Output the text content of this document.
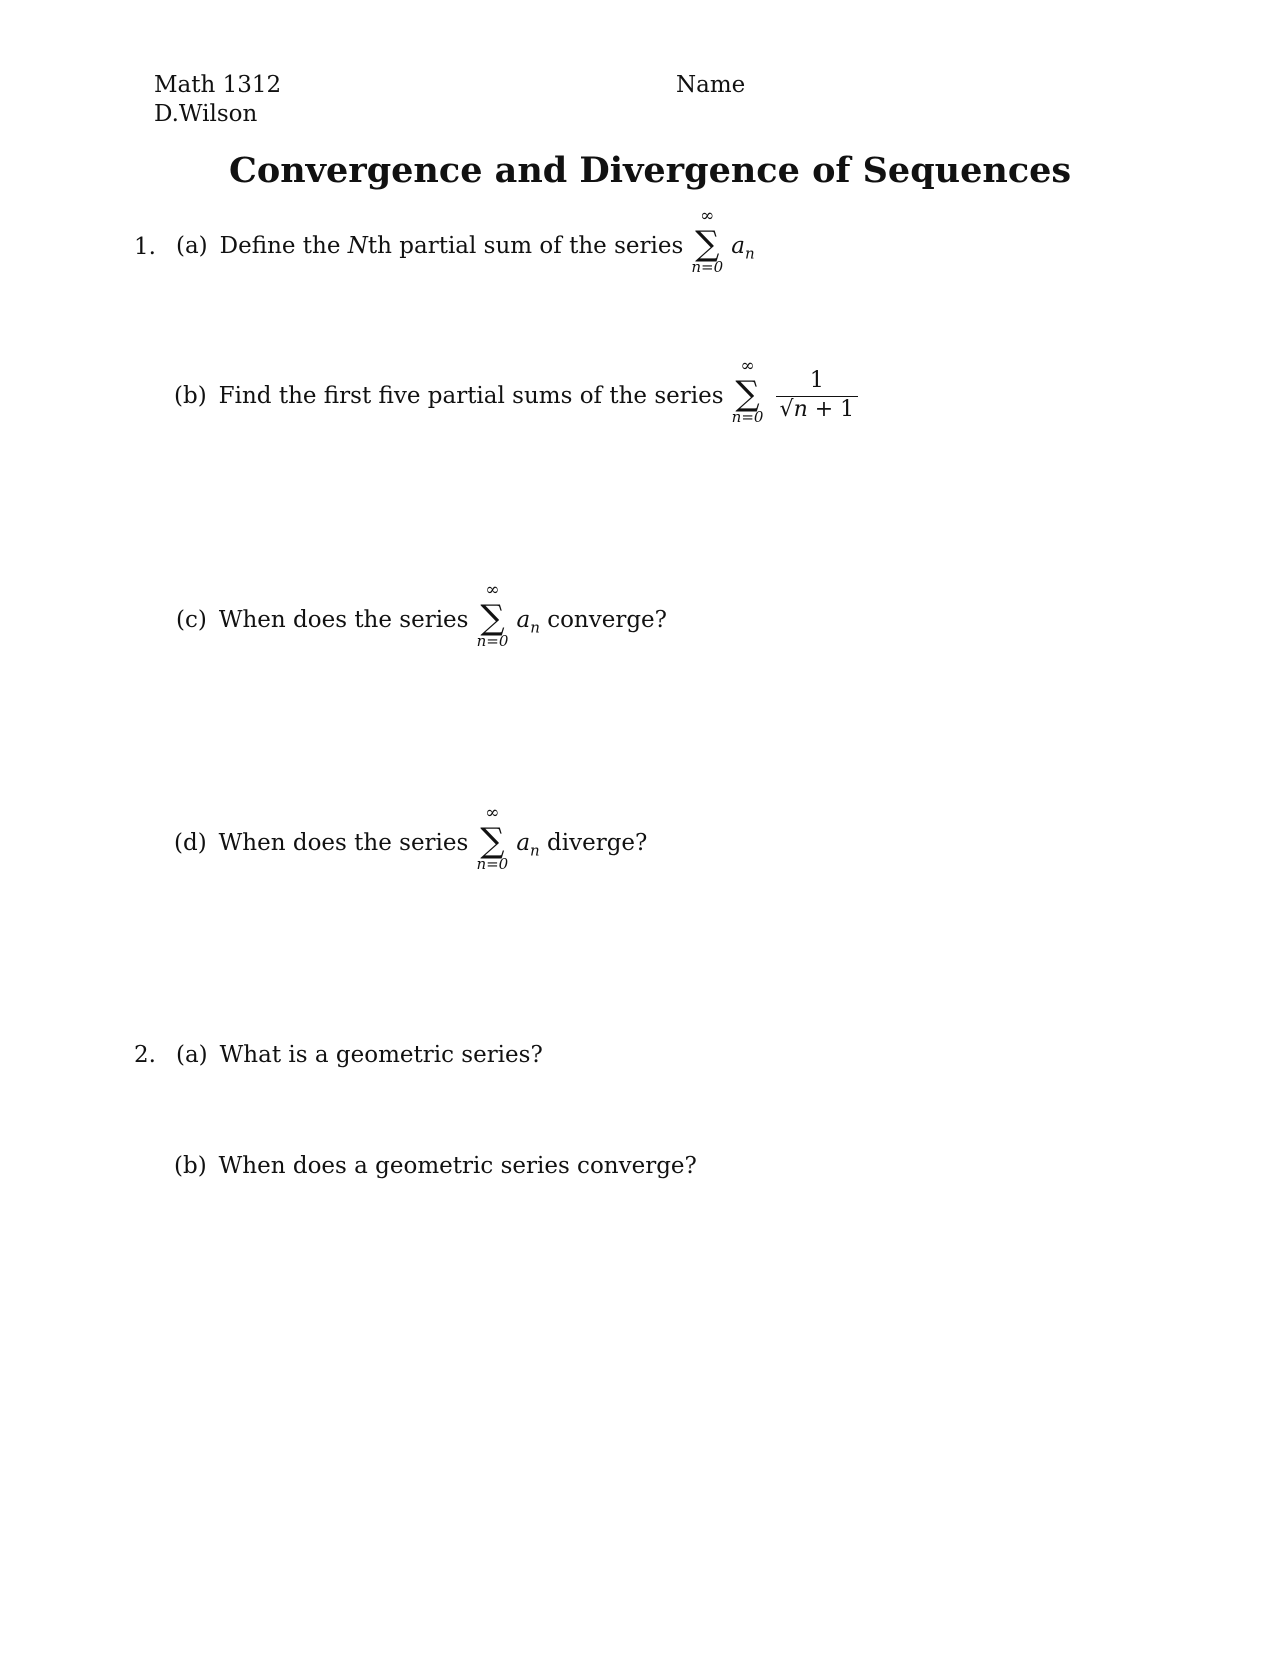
Math 1312
D.Wilson
Name
Convergence and Divergence of Sequences
1. (a) Define the Nth partial sum of the series
∞
∑
n=0
$a_n$
(b) Find the first five partial sums of the series
∞
∑
$n=0 \frac{1}{√n + 1}$
(c) When does the series
∞
∑
n=0
$a_n$ converge?
(d) When does the series
∞
∑
n=0
$a_n$ diverge?
2. (a) What is a geometric series?
(b) When does a geometric series converge?
